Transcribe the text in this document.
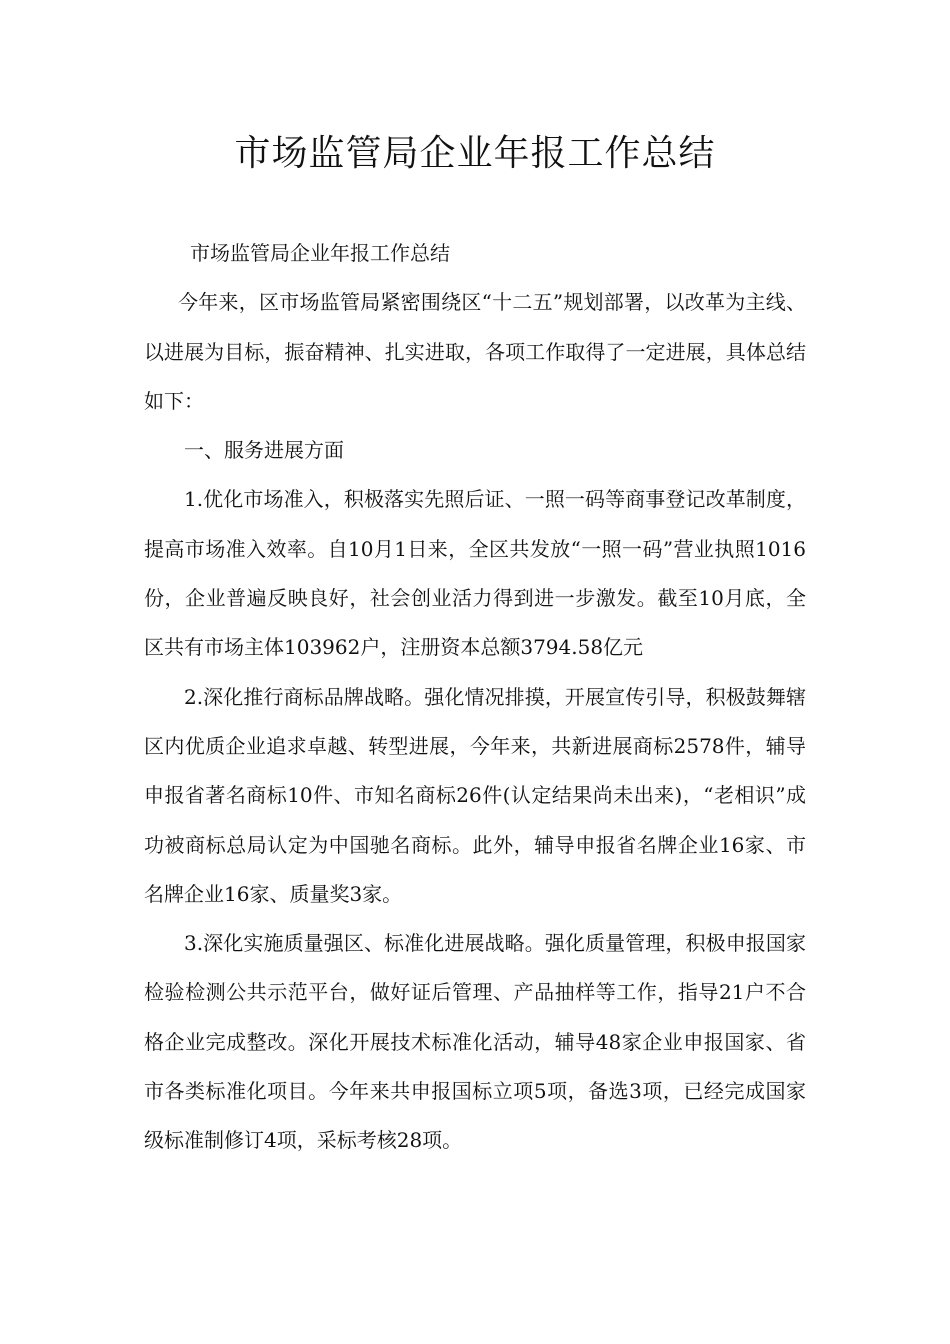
市场监管局企业年报工作总结

市场监管局企业年报工作总结

今年来，区市场监管局紧密围绕区“十二五”规划部署，以改革为主线、以进展为目标，振奋精神、扎实进取，各项工作取得了一定进展，具体总结如下：

一、服务进展方面

1.优化市场准入，积极落实先照后证、一照一码等商事登记改革制度，提高市场准入效率。自10月1日来，全区共发放“一照一码”营业执照1016份，企业普遍反映良好，社会创业活力得到进一步激发。截至10月底，全区共有市场主体103962户，注册资本总额3794.58亿元

2.深化推行商标品牌战略。强化情况排摸，开展宣传引导，积极鼓舞辖区内优质企业追求卓越、转型进展，今年来，共新进展商标2578件，辅导申报省著名商标10件、市知名商标26件(认定结果尚未出来)，“老相识”成功被商标总局认定为中国驰名商标。此外，辅导申报省名牌企业16家、市名牌企业16家、质量奖3家。

3.深化实施质量强区、标准化进展战略。强化质量管理，积极申报国家检验检测公共示范平台，做好证后管理、产品抽样等工作，指导21户不合格企业完成整改。深化开展技术标准化活动，辅导48家企业申报国家、省市各类标准化项目。今年来共申报国标立项5项，备选3项，已经完成国家级标准制修订4项，采标考核28项。
